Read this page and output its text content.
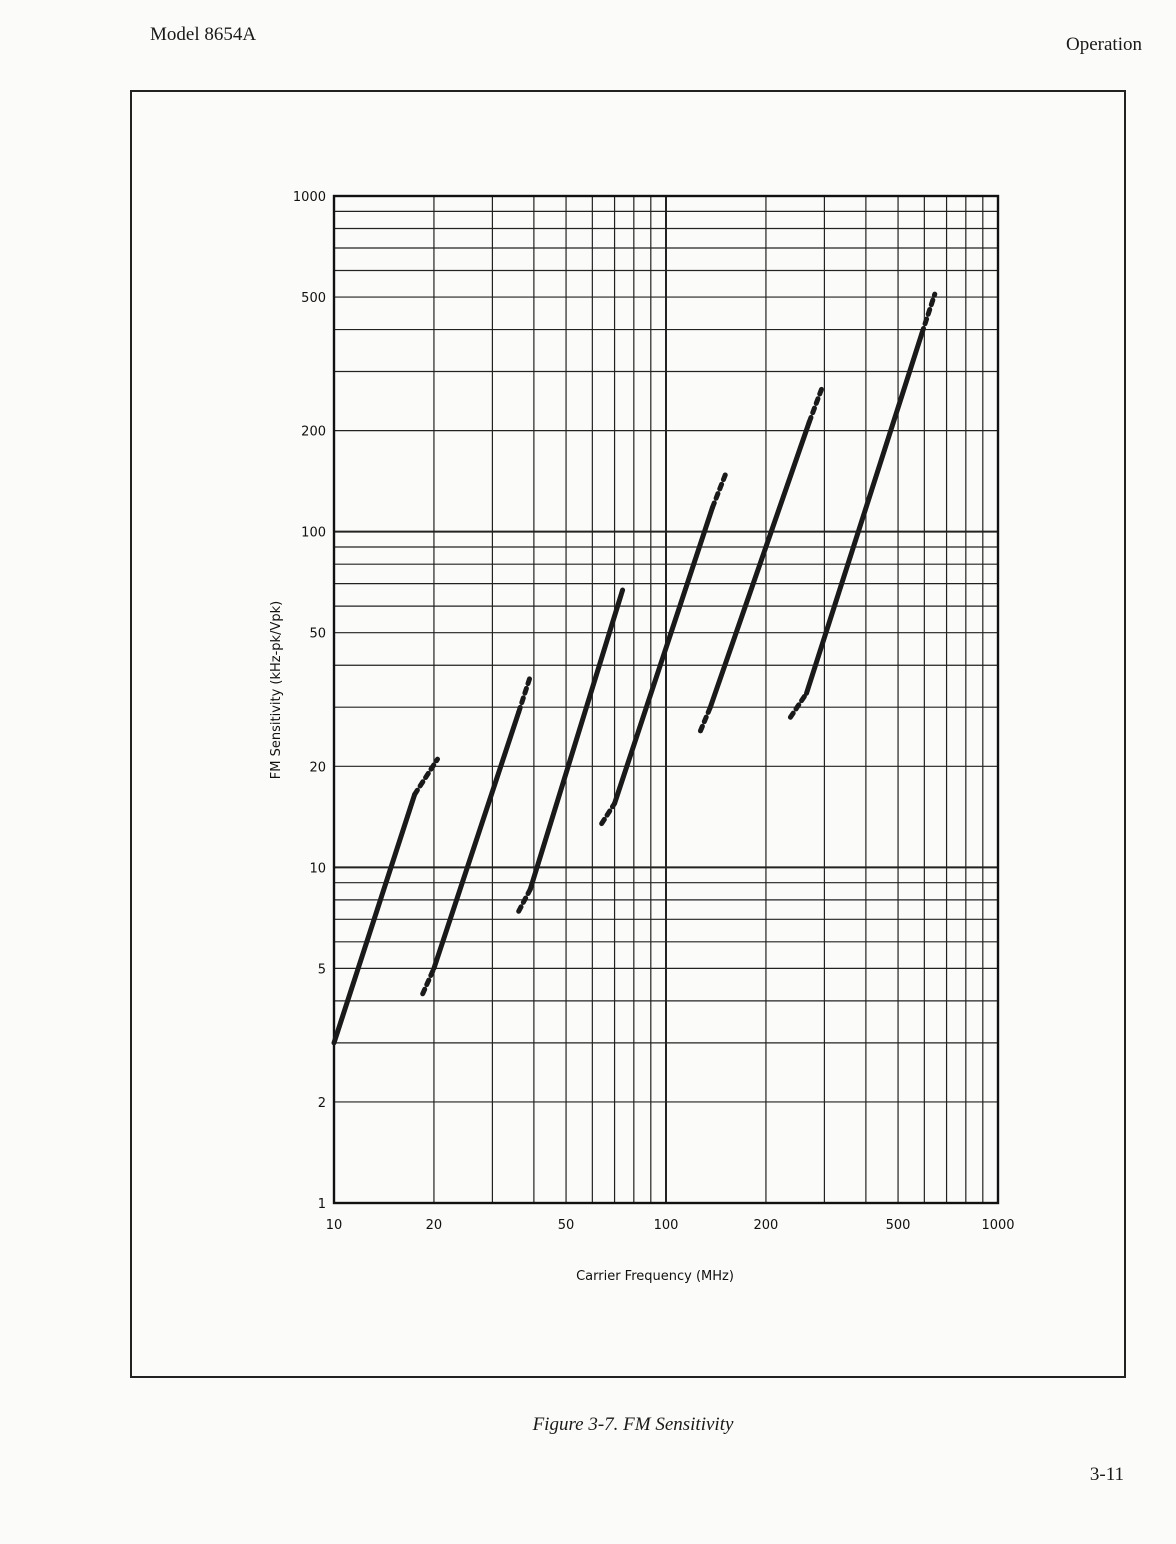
Model 8654A	Operation
10	20	50	100	200	500	1000
1
2
5
10
20
50
100
200
500
1000
Carrier Frequency (MHz)
FM Sensitivity (kHz-pk/Vpk)
Figure 3-7. FM Sensitivity
3-11
